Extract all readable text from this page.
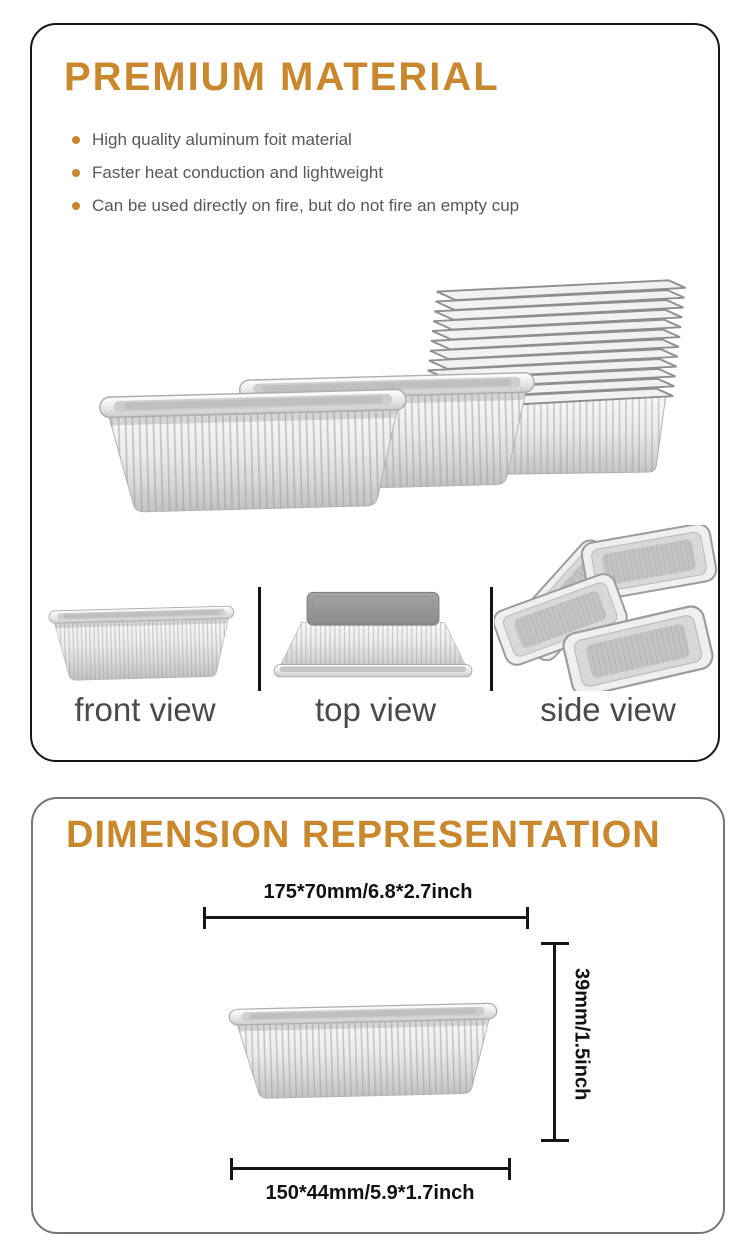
PREMIUM MATERIAL
High quality aluminum foit material
Faster heat conduction and lightweight
Can be used directly on fire, but do not fire an empty cup
front view	top view	side view
DIMENSION REPRESENTATION
175*70mm/6.8*2.7inch
39mm/1.5inch
150*44mm/5.9*1.7inch
